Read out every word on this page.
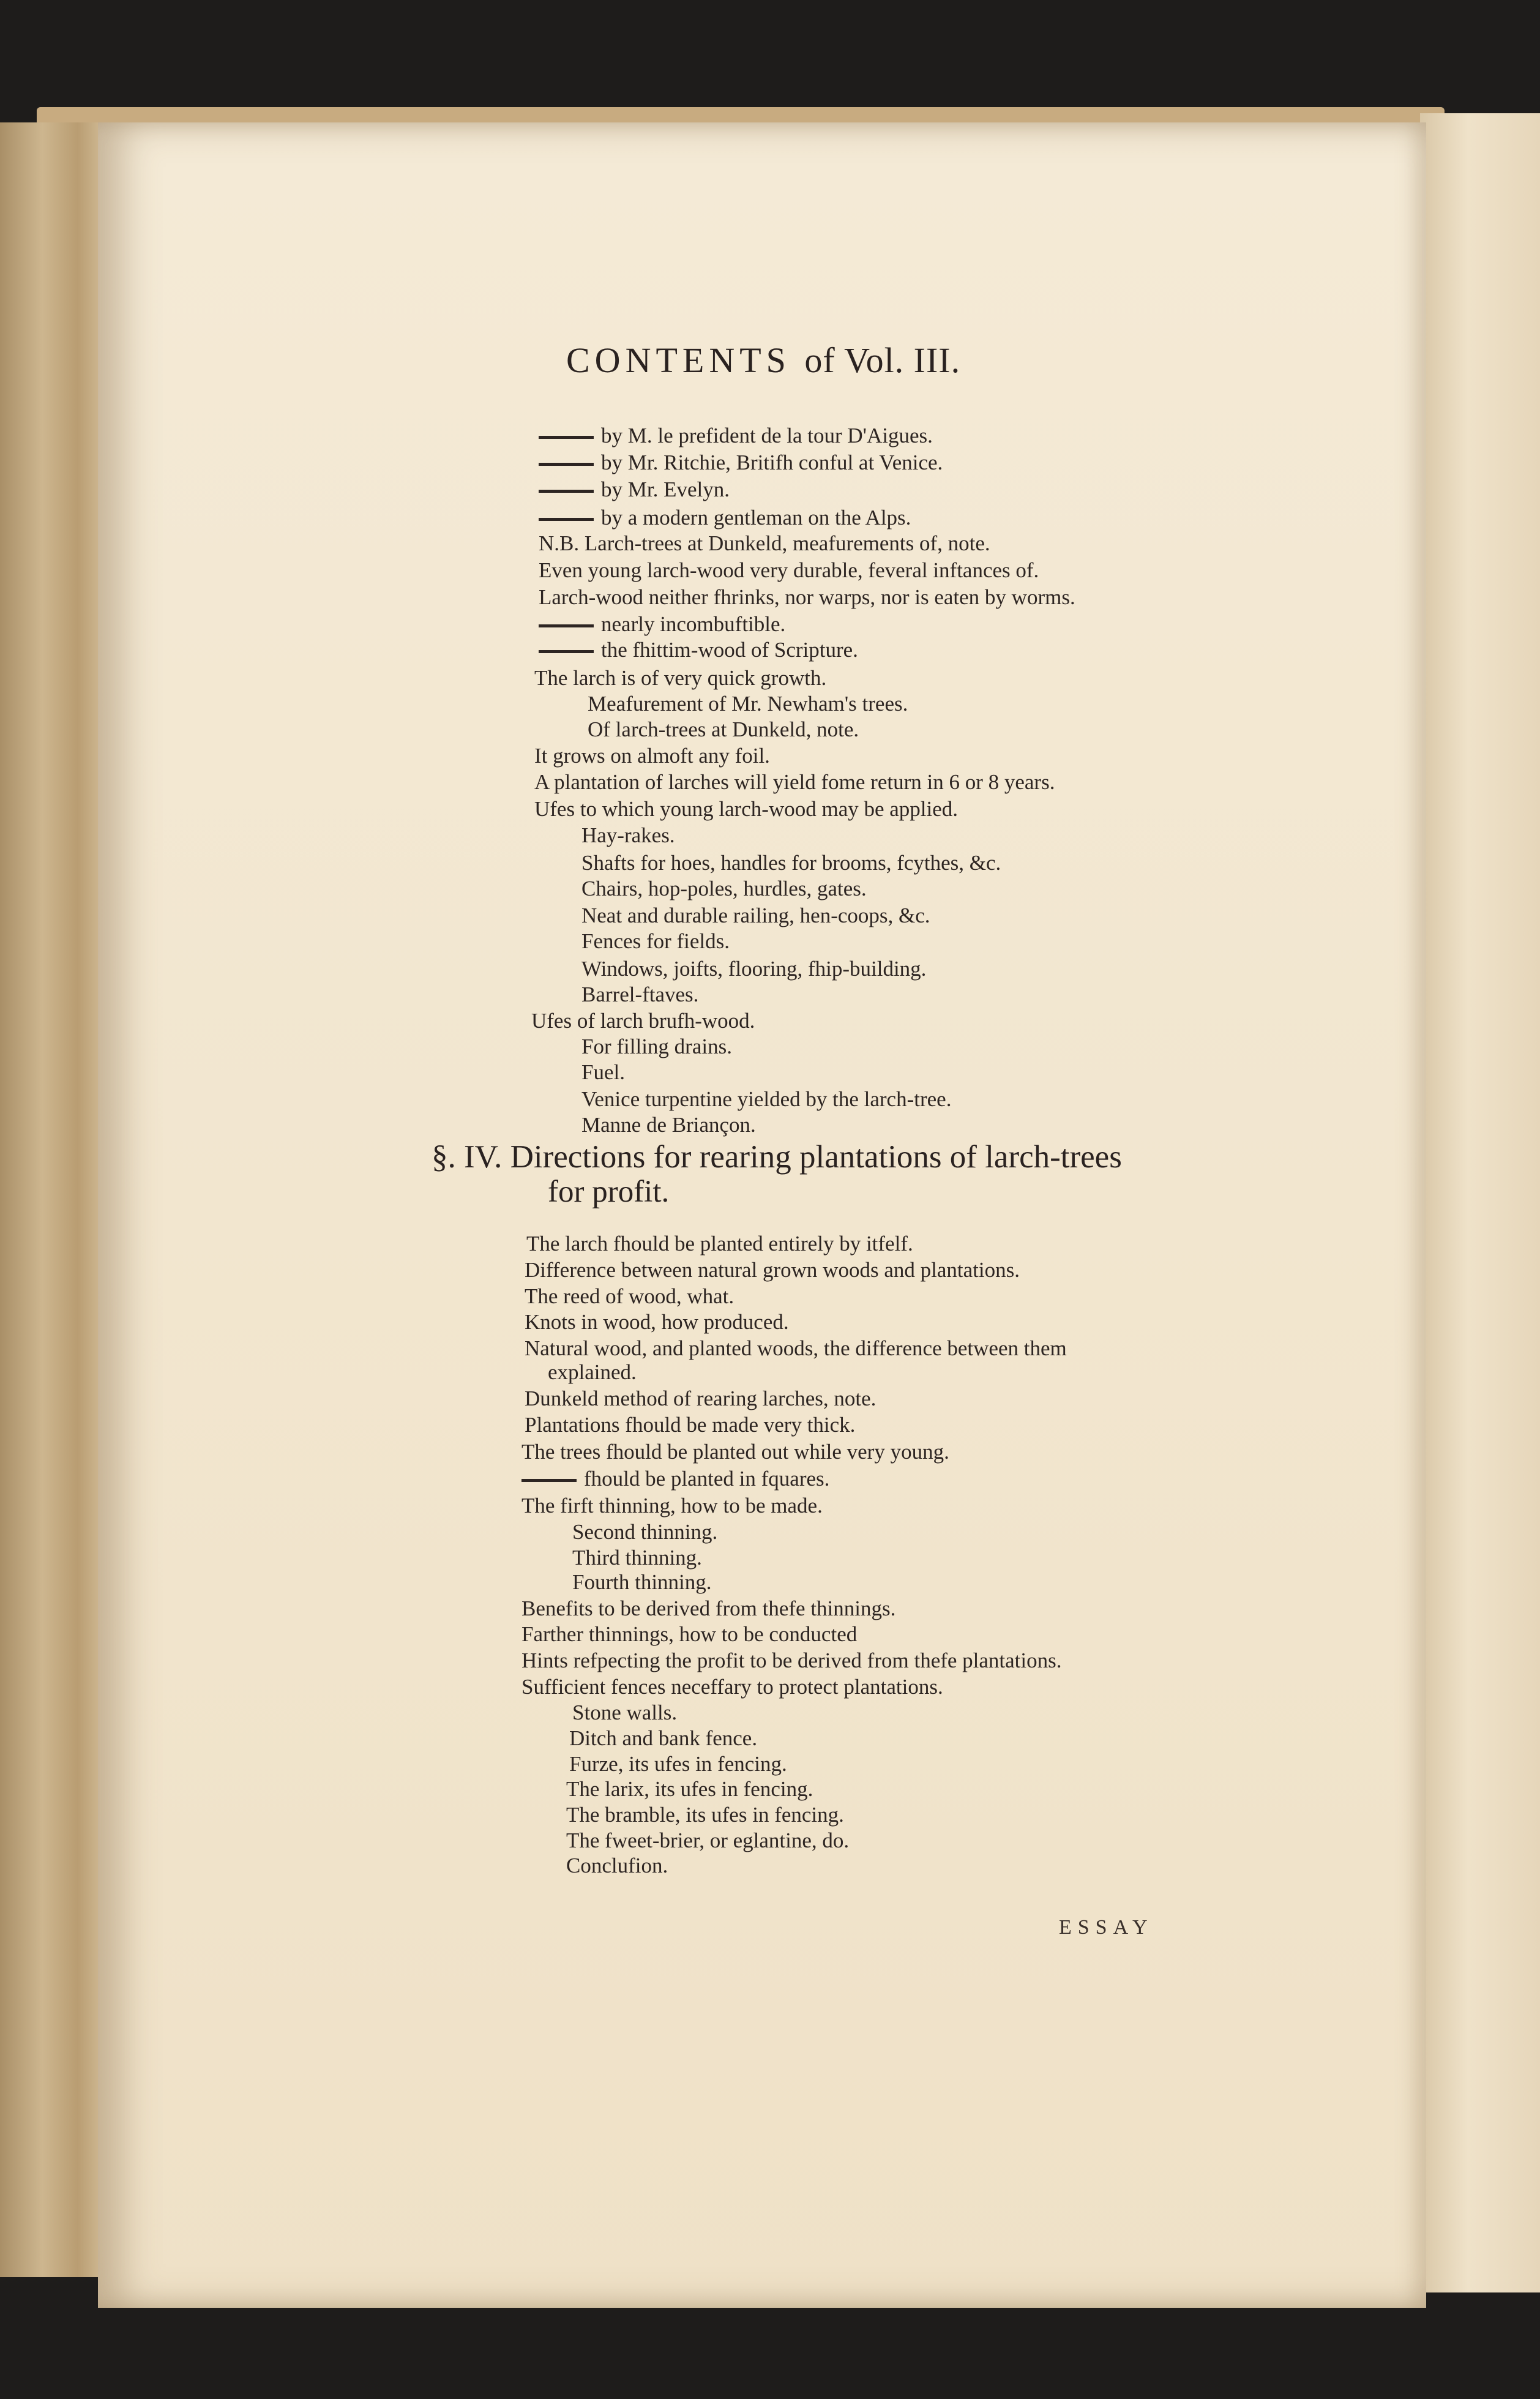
CONTENTS of Vol. III.
by M. le prefident de la tour D'Aigues.
by Mr. Ritchie, Britifh conful at Venice.
by Mr. Evelyn.
by a modern gentleman on the Alps.
N.B. Larch-trees at Dunkeld, meafurements of, note.
Even young larch-wood very durable, feveral inftances of.
Larch-wood neither fhrinks, nor warps, nor is eaten by worms.
nearly incombuftible.
the fhittim-wood of Scripture.
The larch is of very quick growth.
Meafurement of Mr. Newham's trees.
Of larch-trees at Dunkeld, note.
It grows on almoft any foil.
A plantation of larches will yield fome return in 6 or 8 years.
Ufes to which young larch-wood may be applied.
Hay-rakes.
Shafts for hoes, handles for brooms, fcythes, &c.
Chairs, hop-poles, hurdles, gates.
Neat and durable railing, hen-coops, &c.
Fences for fields.
Windows, joifts, flooring, fhip-building.
Barrel-ftaves.
Ufes of larch brufh-wood.
For filling drains.
Fuel.
Venice turpentine yielded by the larch-tree.
Manne de Briançon.
§. IV. Directions for rearing plantations of larch-trees

for profit.

The larch fhould be planted entirely by itfelf.
Difference between natural grown woods and plantations.
The reed of wood, what.
Knots in wood, how produced.
Natural wood, and planted woods, the difference between them
explained.
Dunkeld method of rearing larches, note.
Plantations fhould be made very thick.
The trees fhould be planted out while very young.
fhould be planted in fquares.
The firft thinning, how to be made.
Second thinning.
Third thinning.
Fourth thinning.
Benefits to be derived from thefe thinnings.
Farther thinnings, how to be conducted
Hints refpecting the profit to be derived from thefe plantations.
Sufficient fences neceffary to protect plantations.
Stone walls.
Ditch and bank fence.
Furze, its ufes in fencing.
The larix, its ufes in fencing.
The bramble, its ufes in fencing.
The fweet-brier, or eglantine, do.
Conclufion.
ESSAY
